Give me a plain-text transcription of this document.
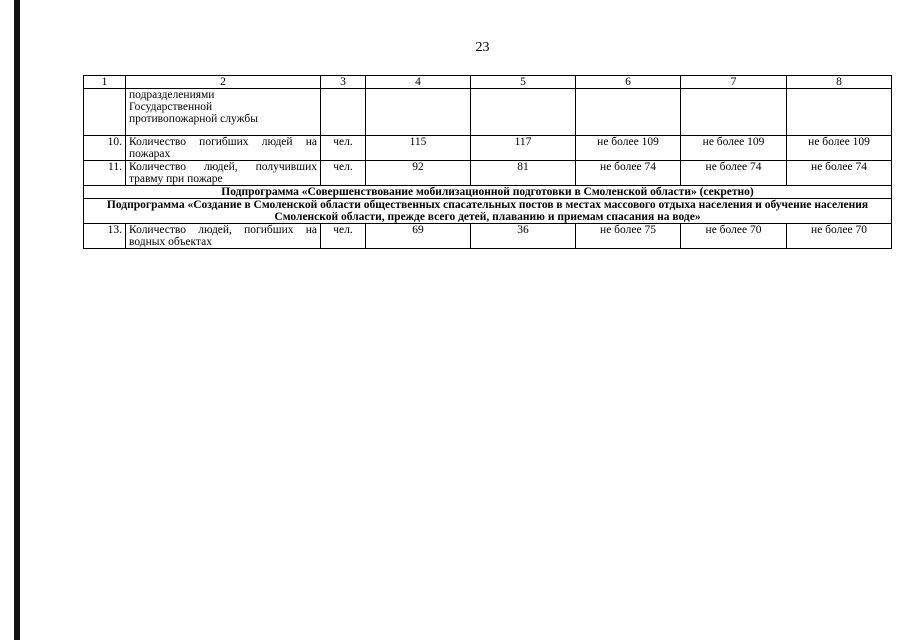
23
1	2	3	4	5	6	7	8
	подразделениями Государственной противопожарной службы						
10.	Количество погибших людей на пожарах	чел.	115	117	не более 109	не более 109	не более 109
11.	Количество людей, получивших травму при пожаре	чел.	92	81	не более 74	не более 74	не более 74
Подпрограмма «Совершенствование мобилизационной подготовки в Смоленской области» (секретно)							
Подпрограмма «Создание в Смоленской области общественных спасательных постов в местах массового отдыха населения и обучение населения Смоленской области, прежде всего детей, плаванию и приемам спасания на воде»							
13.	Количество людей, погибших на водных объектах	чел.	69	36	не более 75	не более 70	не более 70
